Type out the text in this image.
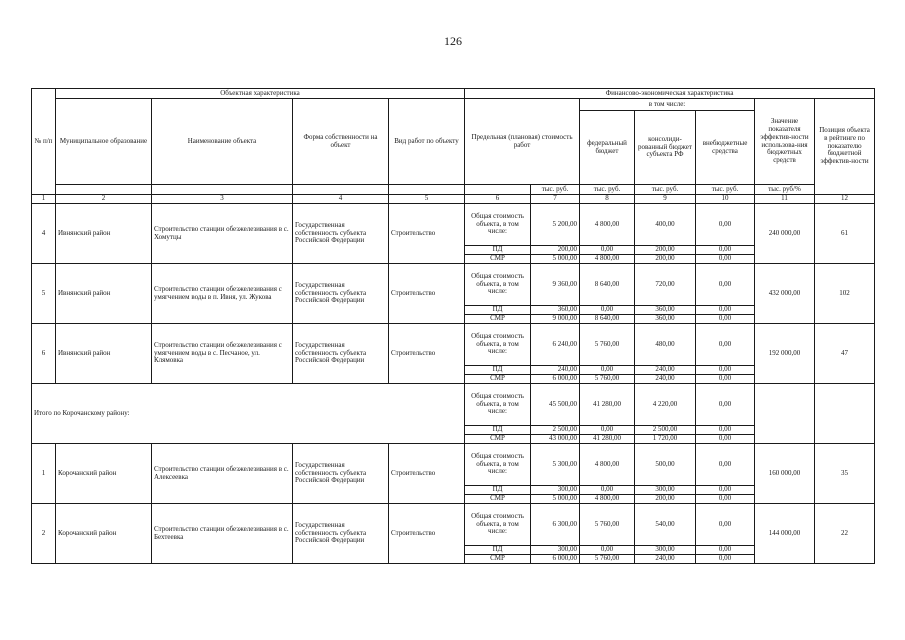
126
№ п/п	Объектная характеристика				Финансово-экономическая характеристика						
	Муниципальное образование	Наименование объекта	Форма собственности на объект	Вид работ по объекту	Предельная (плановая) стоимость работ		в том числе:			Значение показателя эффектив-ности использова-ния бюджетных средств	Позиция объекта в рейтинге по показателю бюджетной эффектив-ности
							федеральный бюджет	консолиди-рованный бюджет субъекта РФ	внебюджетные средства		
						тыс. руб.	тыс. руб.	тыс. руб.	тыс. руб.	тыс. руб/%	
1	2	3	4	5	6	7	8	9	10	11	12
4	Ивнянский район	Строительство станции обезжелезивания в с. Хомутцы	Государственная собственность субъекта Российской Федерации	Строительство	Общая стоимость объекта, в том числе:	5 200,00	4 800,00	400,00	0,00	240 000,00	61
					ПД	200,00	0,00	200,00	0,00		
					СМР	5 000,00	4 800,00	200,00	0,00		
5	Ивнянский район	Строительство станции обезжелезивания с умягчением воды в п. Ивня, ул. Жукова	Государственная собственность субъекта Российской Федерации	Строительство	Общая стоимость объекта, в том числе:	9 360,00	8 640,00	720,00	0,00	432 000,00	102
					ПД	360,00	0,00	360,00	0,00		
					СМР	9 000,00	8 640,00	360,00	0,00		
6	Ивнянский район	Строительство станции обезжелезивания с умягчением воды в с. Песчаное, ул. Клямовка	Государственная собственность субъекта Российской Федерации	Строительство	Общая стоимость объекта, в том числе:	6 240,00	5 760,00	480,00	0,00	192 000,00	47
					ПД	240,00	0,00	240,00	0,00		
					СМР	6 000,00	5 760,00	240,00	0,00		
Итого по Корочанскому району:					Общая стоимость объекта, в том числе:	45 500,00	41 280,00	4 220,00	0,00		
					ПД	2 500,00	0,00	2 500,00	0,00		
					СМР	43 000,00	41 280,00	1 720,00	0,00		
1	Корочанский район	Строительство станции обезжелезивания в с. Алексеевка	Государственная собственность субъекта Российской Федерации	Строительство	Общая стоимость объекта, в том числе:	5 300,00	4 800,00	500,00	0,00	160 000,00	35
					ПД	300,00	0,00	300,00	0,00		
					СМР	5 000,00	4 800,00	200,00	0,00		
2	Корочанский район	Строительство станции обезжелезивания в с. Бехтеевка	Государственная собственность субъекта Российской Федерации	Строительство	Общая стоимость объекта, в том числе:	6 300,00	5 760,00	540,00	0,00	144 000,00	22
					ПД	300,00	0,00	300,00	0,00		
					СМР	6 000,00	5 760,00	240,00	0,00		
